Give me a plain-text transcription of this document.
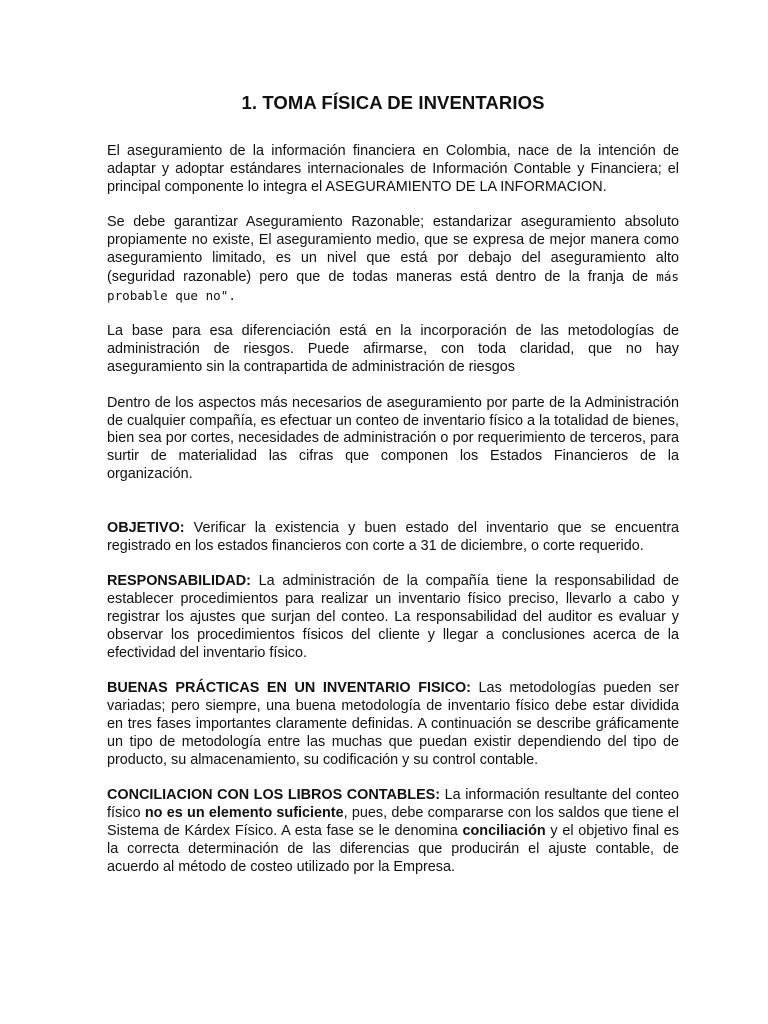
1. TOMA FÍSICA DE INVENTARIOS

El aseguramiento de la información financiera en Colombia, nace de la intención de adaptar y adoptar estándares internacionales de Información Contable y Financiera; el principal componente lo integra el ASEGURAMIENTO DE LA INFORMACION.

Se debe garantizar Aseguramiento Razonable; estandarizar aseguramiento absoluto propiamente no existe, El aseguramiento medio, que se expresa de mejor manera como aseguramiento limitado, es un nivel que está por debajo del aseguramiento alto (seguridad razonable) pero que de todas maneras está dentro de la franja de más probable que no".

La base para esa diferenciación está en la incorporación de las metodologías de administración de riesgos. Puede afirmarse, con toda claridad, que no hay aseguramiento sin la contrapartida de administración de riesgos

Dentro de los aspectos más necesarios de aseguramiento por parte de la Administración de cualquier compañía, es efectuar un conteo de inventario físico a la totalidad de bienes, bien sea por cortes, necesidades de administración o por requerimiento de terceros, para surtir de materialidad las cifras que componen los Estados Financieros de la organización.

OBJETIVO: Verificar la existencia y buen estado del inventario que se encuentra registrado en los estados financieros con corte a 31 de diciembre, o corte requerido.

RESPONSABILIDAD: La administración de la compañía tiene la responsabilidad de establecer procedimientos para realizar un inventario físico preciso, llevarlo a cabo y registrar los ajustes que surjan del conteo. La responsabilidad del auditor es evaluar y observar los procedimientos físicos del cliente y llegar a conclusiones acerca de la efectividad del inventario físico.

BUENAS PRÁCTICAS EN UN INVENTARIO FISICO: Las metodologías pueden ser variadas; pero siempre, una buena metodología de inventario físico debe estar dividida en tres fases importantes claramente definidas. A continuación se describe gráficamente un tipo de metodología entre las muchas que puedan existir dependiendo del tipo de producto, su almacenamiento, su codificación y su control contable.

CONCILIACION CON LOS LIBROS CONTABLES: La información resultante del conteo físico no es un elemento suficiente, pues, debe compararse con los saldos que tiene el Sistema de Kárdex Físico. A esta fase se le denomina conciliación y el objetivo final es la correcta determinación de las diferencias que producirán el ajuste contable, de acuerdo al método de costeo utilizado por la Empresa.
